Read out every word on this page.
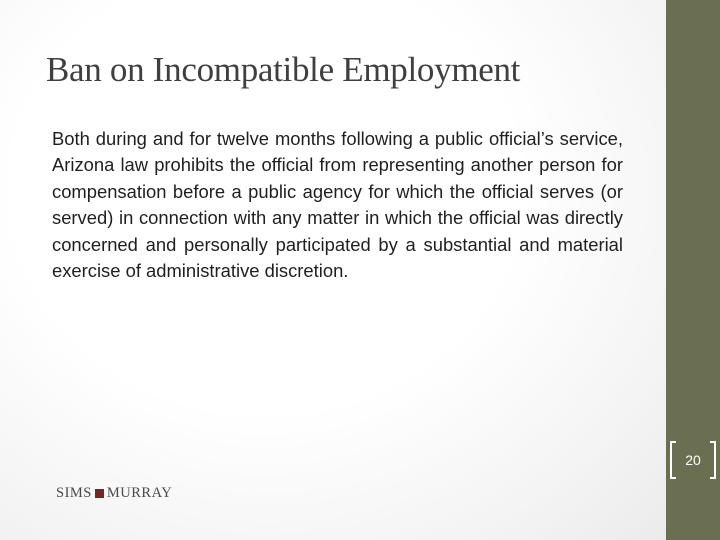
Ban on Incompatible Employment

Both during and for twelve months following a public official’s service, Arizona law prohibits the official from representing another person for compensation before a public agency for which the official serves (or served) in connection with any matter in which the official was directly concerned and personally participated by a substantial and material exercise of administrative discretion.

20
SIMS MURRAY
